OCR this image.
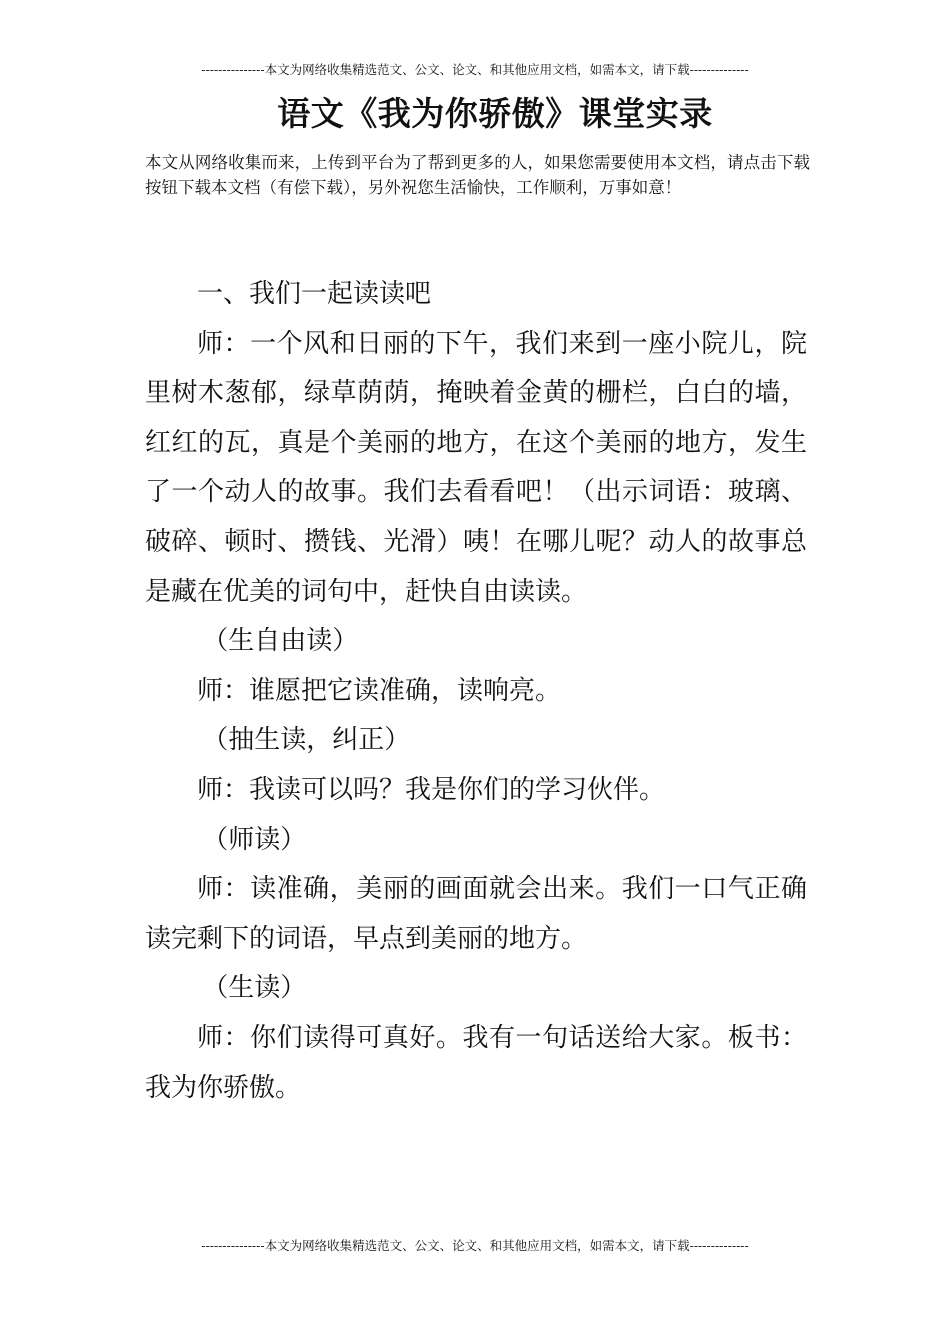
---------------本文为网络收集精选范文、公文、论文、和其他应用文档，如需本文，请下载--------------
语文《我为你骄傲》课堂实录

本文从网络收集而来，上传到平台为了帮到更多的人，如果您需要使用本文档，请点击下载按钮下载本文档（有偿下载），另外祝您生活愉快，工作顺利，万事如意！

一、我们一起读读吧

师：一个风和日丽的下午，我们来到一座小院儿，院里树木葱郁，绿草荫荫，掩映着金黄的栅栏，白白的墙，红红的瓦，真是个美丽的地方，在这个美丽的地方，发生了一个动人的故事。我们去看看吧！（出示词语：玻璃、破碎、顿时、攒钱、光滑）咦！在哪儿呢？动人的故事总是藏在优美的词句中，赶快自由读读。

（生自由读）

师：谁愿把它读准确，读响亮。

（抽生读，纠正）

师：我读可以吗？我是你们的学习伙伴。

（师读）

师：读准确，美丽的画面就会出来。我们一口气正确读完剩下的词语，早点到美丽的地方。

（生读）

师：你们读得可真好。我有一句话送给大家。板书：我为你骄傲。

---------------本文为网络收集精选范文、公文、论文、和其他应用文档，如需本文，请下载--------------
